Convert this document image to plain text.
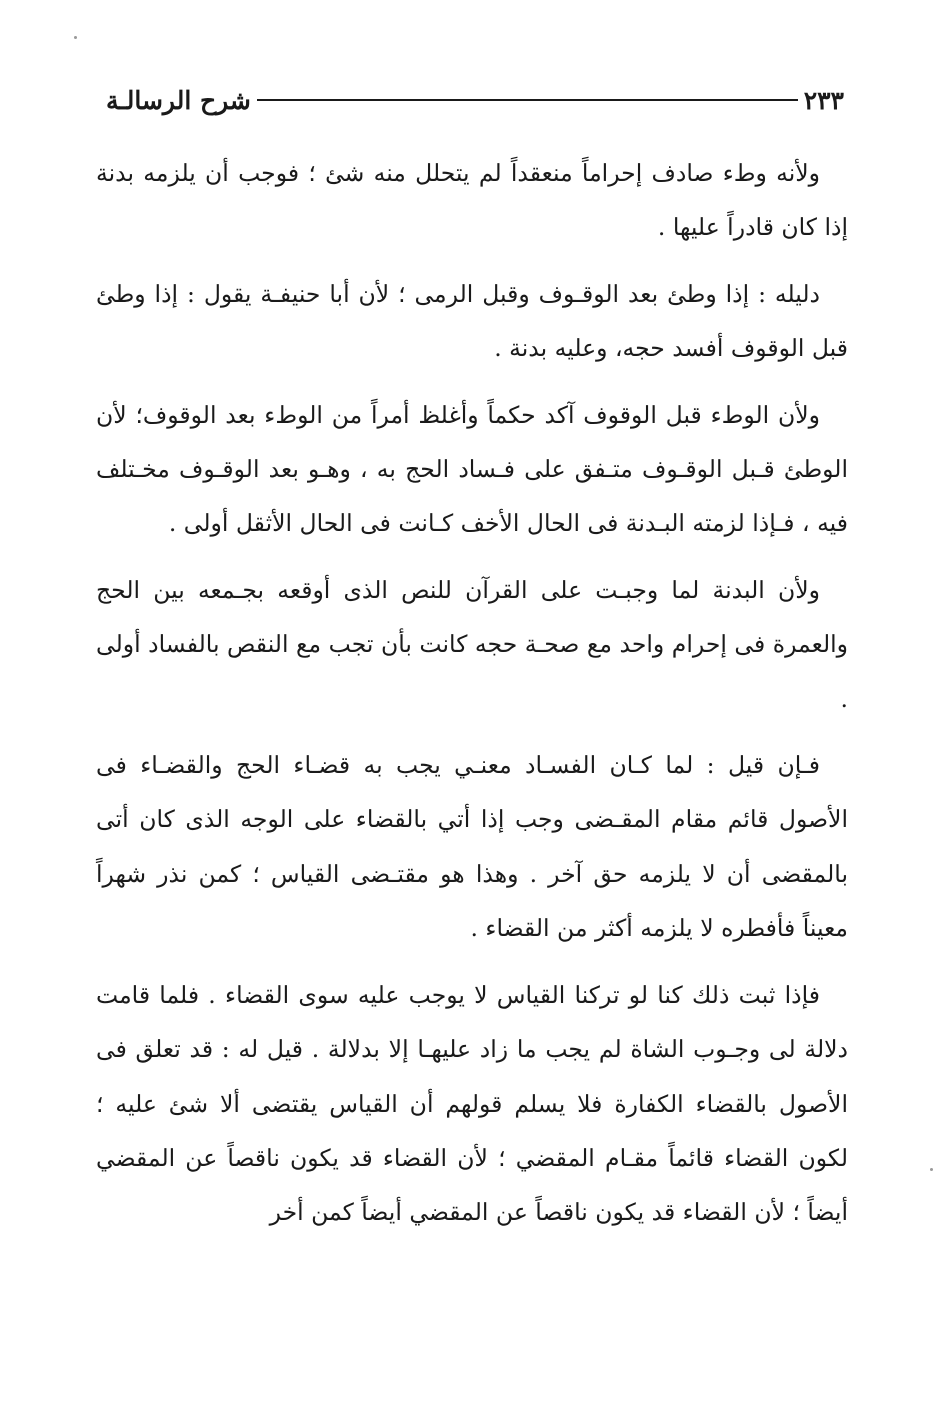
شرح الرسالـة	٢٣٣

ولأنه وطء صادف إحراماً منعقداً لم يتحلل منه شئ ؛ فوجب أن يلزمه بدنة إذا كان قادراً عليها .

دليله : إذا وطئ بعد الوقـوف وقبل الرمى ؛ لأن أبا حنيفـة يقول : إذا وطئ قبل الوقوف أفسد حجه، وعليه بدنة .

ولأن الوطء قبل الوقوف آكد حكماً وأغلظ أمراً من الوطء بعد الوقوف؛ لأن الوطئ قـبل الوقـوف متـفق على فـساد الحج به ، وهـو بعد الوقـوف مخـتلف فيه ، فـإذا لزمته البـدنة فى الحال الأخف كـانت فى الحال الأثقل أولى .

ولأن البدنة لما وجبـت على القرآن للنص الذى أوقعه بجـمعه بين الحج والعمرة فى إحرام واحد مع صحـة حجه كانت بأن تجب مع النقص بالفساد أولى .

فـإن قيل : لما كـان الفسـاد معنـي يجب به قضـاء الحج والقضـاء فى الأصول قائم مقام المقـضى وجب إذا أتي بالقضاء على الوجه الذى كان أتى بالمقضى أن لا يلزمه حق آخر . وهذا هو مقتـضى القياس ؛ كمن نذر شهراً معيناً فأفطره لا يلزمه أكثر من القضاء .

فإذا ثبت ذلك كنا لو تركنا القياس لا يوجب عليه سوى القضاء . فلما قامت دلالة لى وجـوب الشاة لم يجب ما زاد عليهـا إلا بدلالة . قيل له : قد تعلق فى الأصول بالقضاء الكفارة فلا يسلم قولهم أن القياس يقتضى ألا شئ عليه ؛ لكون القضاء قائماً مقـام المقضي ؛ لأن القضاء قد يكون ناقصاً عن المقضي أيضاً ؛ لأن القضاء قد يكون ناقصاً عن المقضي أيضاً كمن أخر
